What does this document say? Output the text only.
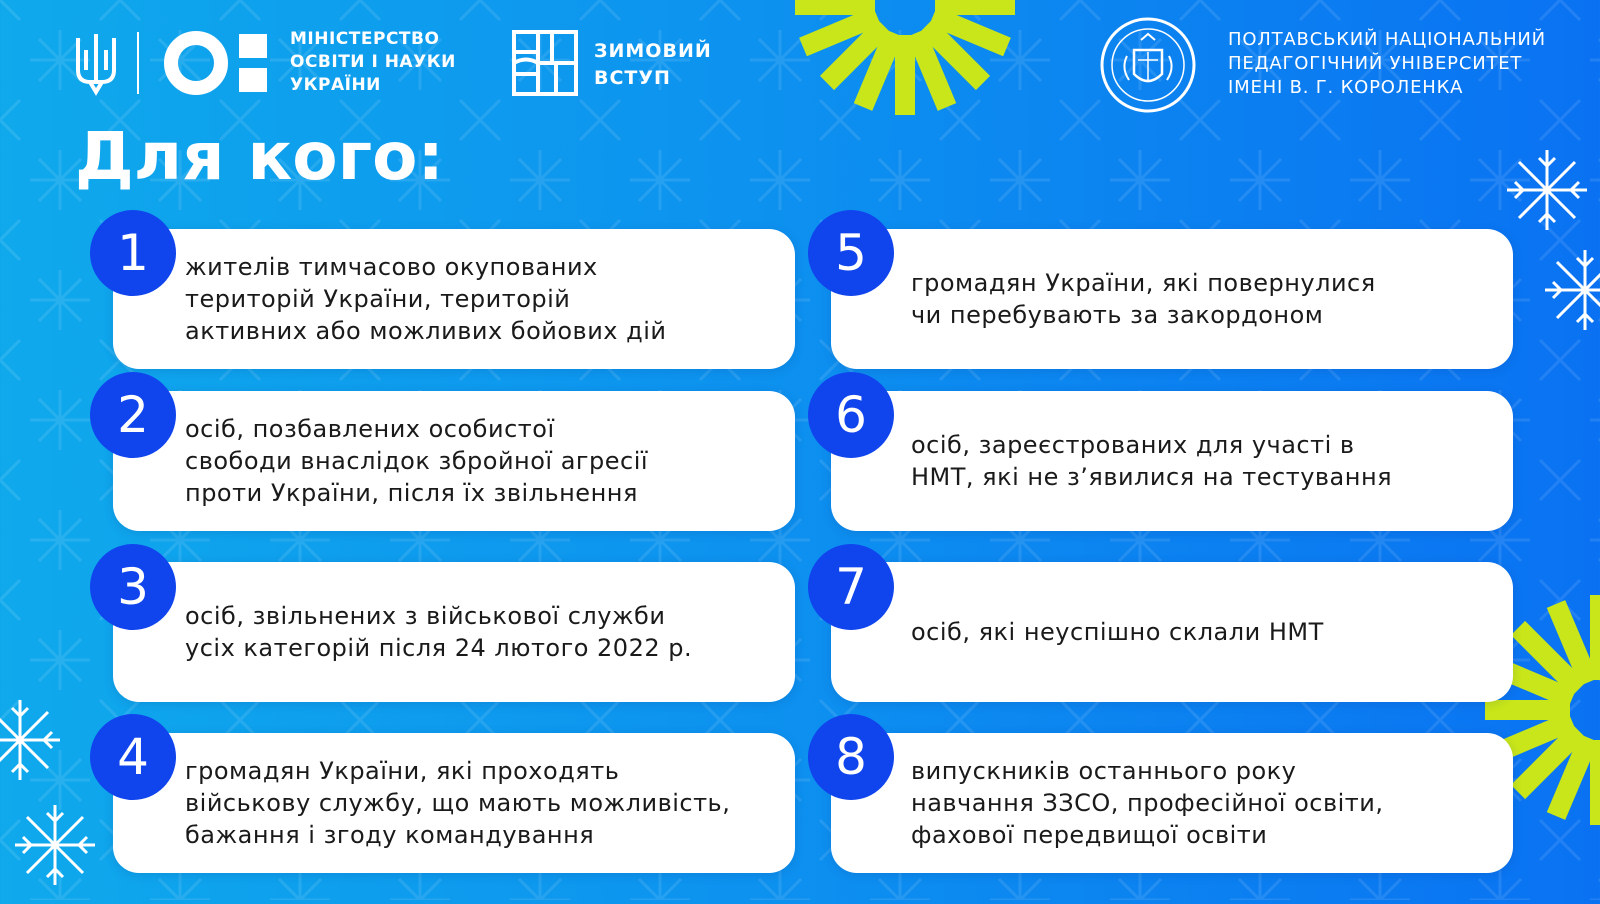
МІНІСТЕРСТВО
ОСВІТИ І НАУКИ
УКРАЇНИ
ЗИМОВИЙ
ВСТУП
ПОЛТАВСЬКИЙ НАЦІОНАЛЬНИЙ
ПЕДАГОГІЧНИЙ УНІВЕРСИТЕТ
ІМЕНІ В. Г. КОРОЛЕНКА
Для кого:
жителів тимчасово окупованих
територій України, територій
активних або можливих бойових дій
1
осіб, позбавлених особистої
свободи внаслідок збройної агресії
проти України, після їх звільнення
2
осіб, звільнених з військової служби
усіх категорій після 24 лютого 2022 р.
3
громадян України, які проходять
військову службу, що мають можливість,
бажання і згоду командування
4
громадян України, які повернулися
чи перебувають за закордоном
5
осіб, зареєстрованих для участі в
НМТ, які не з’явилися на тестування
6
осіб, які неуспішно склали НМТ
7
випускників останнього року
навчання ЗЗСО, професійної освіти,
фахової передвищої освіти
8
